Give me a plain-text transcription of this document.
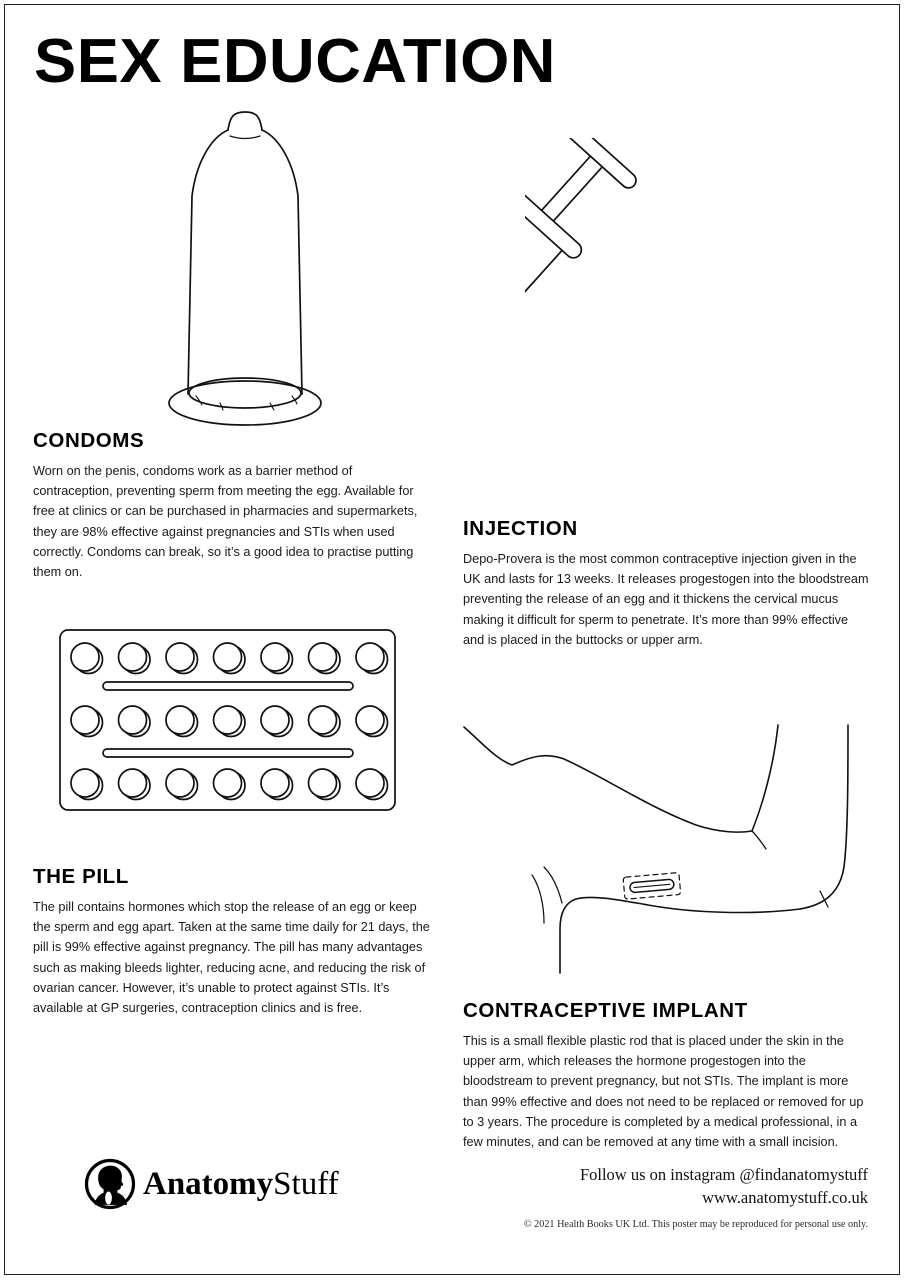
SEX EDUCATION
CONDOMS

Worn on the penis, condoms work as a barrier method of contraception, preventing sperm from meeting the egg. Available for free at clinics or can be purchased in pharmacies and supermarkets, they are 98% effective against pregnancies and STIs when used correctly. Condoms can break, so it’s a good idea to practise putting them on.

INJECTION

Depo-Provera is the most common contraceptive injection given in the UK and lasts for 13 weeks. It releases progestogen into the bloodstream preventing the release of an egg and it thickens the cervical mucus making it difficult for sperm to penetrate. It’s more than 99% effective and is placed in the buttocks or upper arm.

THE PILL

The pill contains hormones which stop the release of an egg or keep the sperm and egg apart. Taken at the same time daily for 21 days, the pill is 99% effective against pregnancy. The pill has many advantages such as making bleeds lighter, reducing acne, and reducing the risk of ovarian cancer. However, it’s unable to protect against STIs. It’s available at GP surgeries, contraception clinics and is free.	CONTRACEPTIVE IMPLANT

This is a small flexible plastic rod that is placed under the skin in the upper arm, which releases the hormone progestogen into the bloodstream to prevent pregnancy, but not STIs. The implant is more than 99% effective and does not need to be replaced or removed for up to 3 years. The procedure is completed by a medical professional, in a few minutes, and can be removed at any time with a small incision.

AnatomyStuff	Follow us on instagram @findanatomystuff
www.anatomystuff.co.uk
© 2021 Health Books UK Ltd. This poster may be reproduced for personal use only.
